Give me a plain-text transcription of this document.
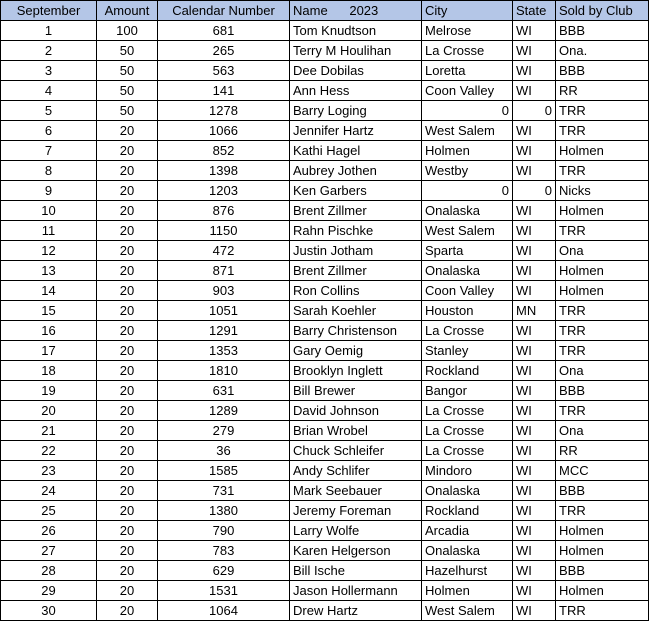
September	Amount	Calendar Number	Name      2023	City	State	Sold by Club
1	100	681	Tom Knudtson	Melrose	WI	BBB
2	50	265	Terry M Houlihan	La Crosse	WI	Ona.
3	50	563	Dee Dobilas	Loretta	WI	BBB
4	50	141	Ann Hess	Coon Valley	WI	RR
5	50	1278	Barry Loging	0	0	TRR
6	20	1066	Jennifer Hartz	West Salem	WI	TRR
7	20	852	Kathi Hagel	Holmen	WI	Holmen
8	20	1398	Aubrey Jothen	Westby	WI	TRR
9	20	1203	Ken Garbers	0	0	Nicks
10	20	876	Brent Zillmer	Onalaska	WI	Holmen
11	20	1150	Rahn Pischke	West Salem	WI	TRR
12	20	472	Justin Jotham	Sparta	WI	Ona
13	20	871	Brent Zillmer	Onalaska	WI	Holmen
14	20	903	Ron Collins	Coon Valley	WI	Holmen
15	20	1051	Sarah Koehler	Houston	MN	TRR
16	20	1291	Barry Christenson	La Crosse	WI	TRR
17	20	1353	Gary Oemig	Stanley	WI	TRR
18	20	1810	Brooklyn Inglett	Rockland	WI	Ona
19	20	631	Bill Brewer	Bangor	WI	BBB
20	20	1289	David Johnson	La Crosse	WI	TRR
21	20	279	Brian Wrobel	La Crosse	WI	Ona
22	20	36	Chuck Schleifer	La Crosse	WI	RR
23	20	1585	Andy Schlifer	Mindoro	WI	MCC
24	20	731	Mark Seebauer	Onalaska	WI	BBB
25	20	1380	Jeremy Foreman	Rockland	WI	TRR
26	20	790	Larry Wolfe	Arcadia	WI	Holmen
27	20	783	Karen Helgerson	Onalaska	WI	Holmen
28	20	629	Bill Ische	Hazelhurst	WI	BBB
29	20	1531	Jason Hollermann	Holmen	WI	Holmen
30	20	1064	Drew Hartz	West Salem	WI	TRR
